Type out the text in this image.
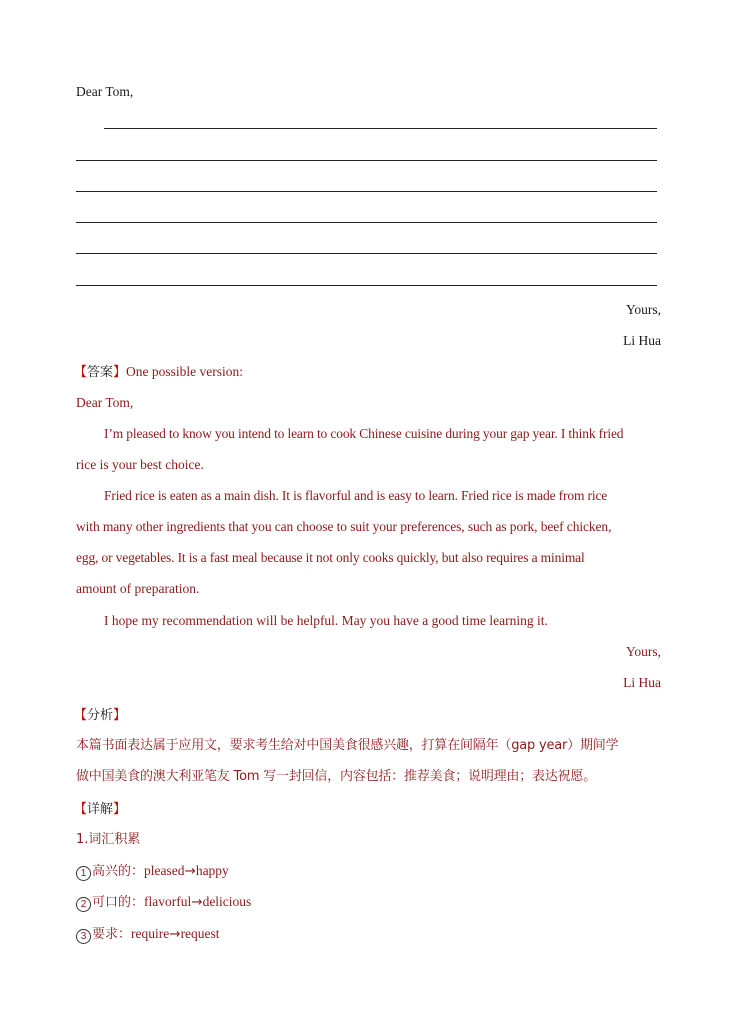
Dear Tom,
Yours,
Li Hua
【答案】One possible version:
Dear Tom,
I’m pleased to know you intend to learn to cook Chinese cuisine during your gap year. I think fried
rice is your best choice.
Fried rice is eaten as a main dish. It is flavorful and is easy to learn. Fried rice is made from rice
with many other ingredients that you can choose to suit your preferences, such as pork, beef chicken,
egg, or vegetables. It is a fast meal because it not only cooks quickly, but also requires a minimal
amount of preparation.
I hope my recommendation will be helpful. May you have a good time learning it.
Yours,
Li Hua
【分析】
本篇书面表达属于应用文，要求考生给对中国美食很感兴趣，打算在间隔年（gap year）期间学
做中国美食的澳大利亚笔友 Tom 写一封回信，内容包括：推荐美食；说明理由；表达祝愿。
【详解】
1.词汇积累
1 高兴的：pleased→happy
2 可口的：flavorful→delicious
3 要求：require→request
